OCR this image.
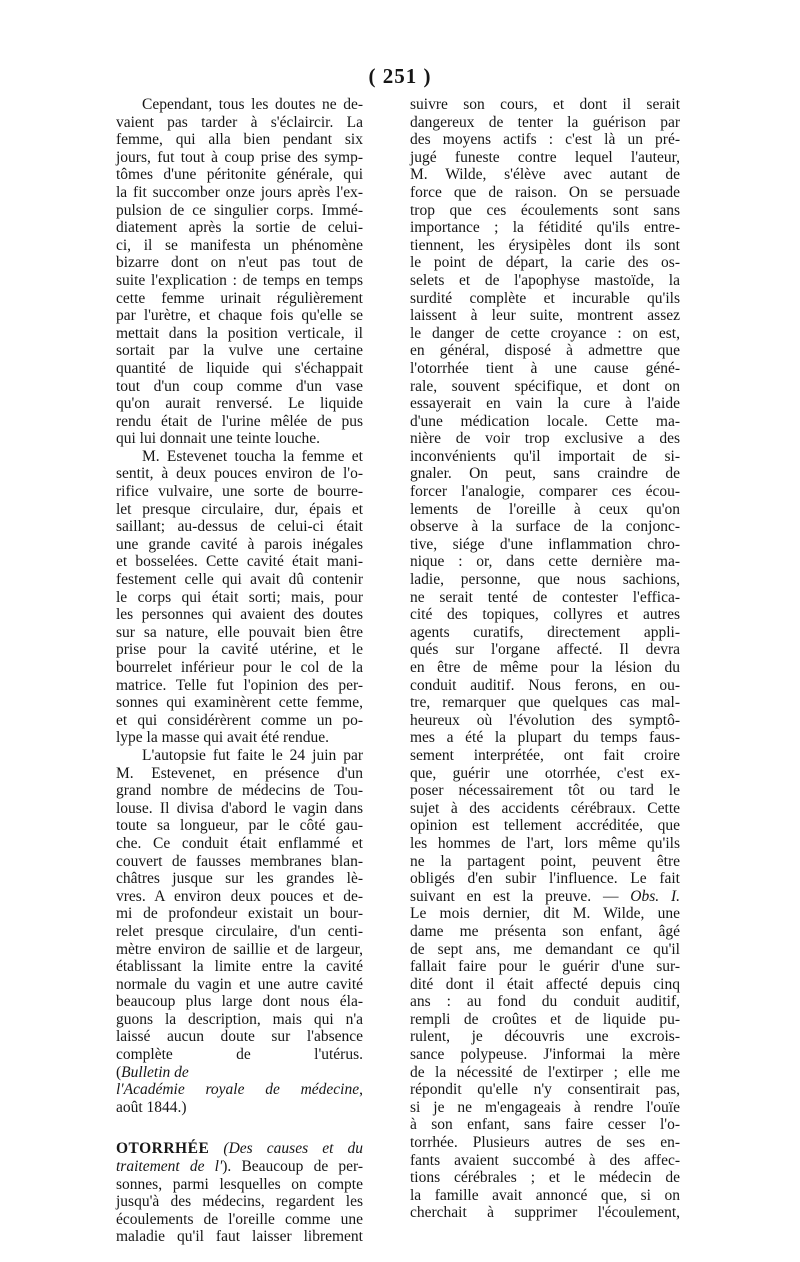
( 251 )
Cependant, tous les doutes ne de-
vaient pas tarder à s'éclaircir. La
femme, qui alla bien pendant six
jours, fut tout à coup prise des symp-
tômes d'une péritonite générale, qui
la fit succomber onze jours après l'ex-
pulsion de ce singulier corps. Immé-
diatement après la sortie de celui-
ci, il se manifesta un phénomène
bizarre dont on n'eut pas tout de
suite l'explication : de temps en temps
cette femme urinait régulièrement
par l'urètre, et chaque fois qu'elle se
mettait dans la position verticale, il
sortait par la vulve une certaine
quantité de liquide qui s'échappait
tout d'un coup comme d'un vase
qu'on aurait renversé. Le liquide
rendu était de l'urine mêlée de pus
qui lui donnait une teinte louche.
M. Estevenet toucha la femme et
sentit, à deux pouces environ de l'o-
rifice vulvaire, une sorte de bourre-
let presque circulaire, dur, épais et
saillant; au-dessus de celui-ci était
une grande cavité à parois inégales
et bosselées. Cette cavité était mani-
festement celle qui avait dû contenir
le corps qui était sorti; mais, pour
les personnes qui avaient des doutes
sur sa nature, elle pouvait bien être
prise pour la cavité utérine, et le
bourrelet inférieur pour le col de la
matrice. Telle fut l'opinion des per-
sonnes qui examinèrent cette femme,
et qui considérèrent comme un po-
lype la masse qui avait été rendue.
L'autopsie fut faite le 24 juin par
M. Estevenet, en présence d'un
grand nombre de médecins de Tou-
louse. Il divisa d'abord le vagin dans
toute sa longueur, par le côté gau-
che. Ce conduit était enflammé et
couvert de fausses membranes blan-
châtres jusque sur les grandes lè-
vres. A environ deux pouces et de-
mi de profondeur existait un bour-
relet presque circulaire, d'un centi-
mètre environ de saillie et de largeur,
établissant la limite entre la cavité
normale du vagin et une autre cavité
beaucoup plus large dont nous éla-
guons la description, mais qui n'a
laissé aucun doute sur l'absence
complète de l'utérus.
(Bulletin de
l'Académie royale de médecine,
août 1844.)
OTORRHÉE (Des causes et du
traitement de l'). Beaucoup de per-
sonnes, parmi lesquelles on compte
jusqu'à des médecins, regardent les
écoulements de l'oreille comme une
maladie qu'il faut laisser librement
suivre son cours, et dont il serait
dangereux de tenter la guérison par
des moyens actifs : c'est là un pré-
jugé funeste contre lequel l'auteur,
M. Wilde, s'élève avec autant de
force que de raison. On se persuade
trop que ces écoulements sont sans
importance ; la fétidité qu'ils entre-
tiennent, les érysipèles dont ils sont
le point de départ, la carie des os-
selets et de l'apophyse mastoïde, la
surdité complète et incurable qu'ils
laissent à leur suite, montrent assez
le danger de cette croyance : on est,
en général, disposé à admettre que
l'otorrhée tient à une cause géné-
rale, souvent spécifique, et dont on
essayerait en vain la cure à l'aide
d'une médication locale. Cette ma-
nière de voir trop exclusive a des
inconvénients qu'il importait de si-
gnaler. On peut, sans craindre de
forcer l'analogie, comparer ces écou-
lements de l'oreille à ceux qu'on
observe à la surface de la conjonc-
tive, siége d'une inflammation chro-
nique : or, dans cette dernière ma-
ladie, personne, que nous sachions,
ne serait tenté de contester l'effica-
cité des topiques, collyres et autres
agents curatifs, directement appli-
qués sur l'organe affecté. Il devra
en être de même pour la lésion du
conduit auditif. Nous ferons, en ou-
tre, remarquer que quelques cas mal-
heureux où l'évolution des symptô-
mes a été la plupart du temps faus-
sement interprétée, ont fait croire
que, guérir une otorrhée, c'est ex-
poser nécessairement tôt ou tard le
sujet à des accidents cérébraux. Cette
opinion est tellement accréditée, que
les hommes de l'art, lors même qu'ils
ne la partagent point, peuvent être
obligés d'en subir l'influence. Le fait
suivant en est la preuve. — Obs. I.
Le mois dernier, dit M. Wilde, une
dame me présenta son enfant, âgé
de sept ans, me demandant ce qu'il
fallait faire pour le guérir d'une sur-
dité dont il était affecté depuis cinq
ans : au fond du conduit auditif,
rempli de croûtes et de liquide pu-
rulent, je découvris une excrois-
sance polypeuse. J'informai la mère
de la nécessité de l'extirper ; elle me
répondit qu'elle n'y consentirait pas,
si je ne m'engageais à rendre l'ouïe
à son enfant, sans faire cesser l'o-
torrhée. Plusieurs autres de ses en-
fants avaient succombé à des affec-
tions cérébrales ; et le médecin de
la famille avait annoncé que, si on
cherchait à supprimer l'écoulement,
